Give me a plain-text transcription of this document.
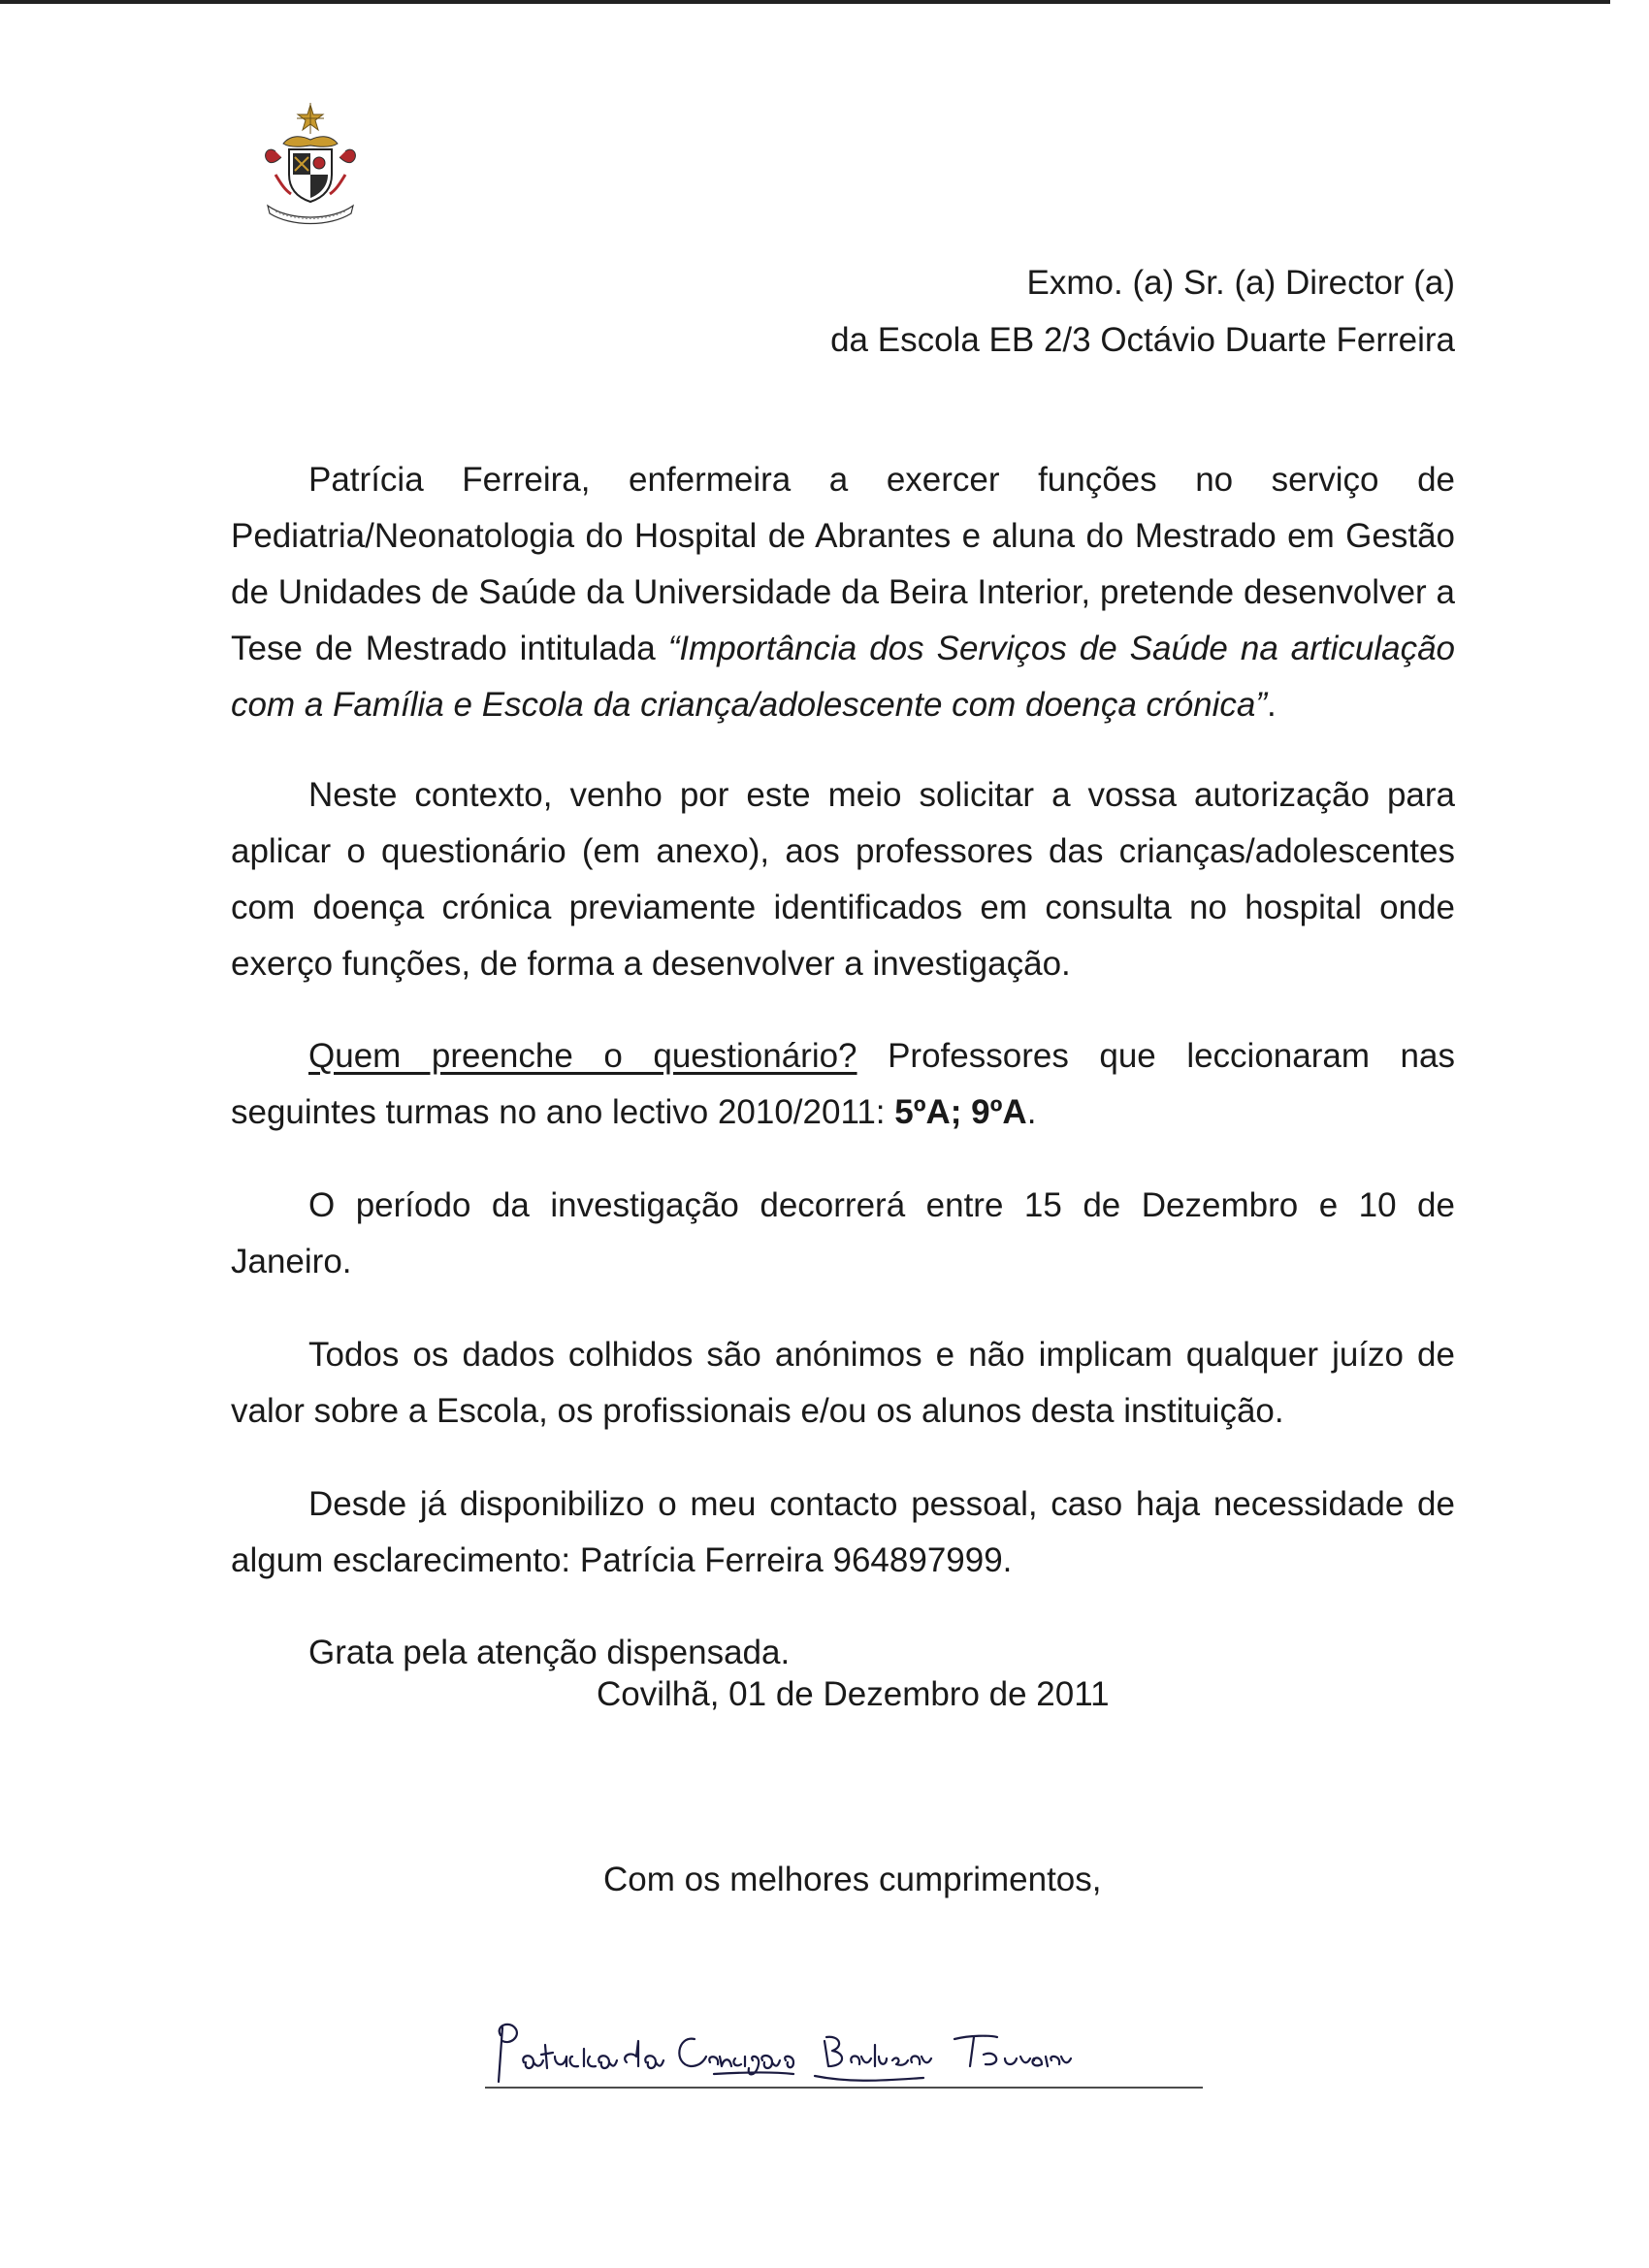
Exmo. (a) Sr. (a) Director (a)
da Escola EB 2/3 Octávio Duarte Ferreira

Patrícia Ferreira, enfermeira a exercer funções no serviço de Pediatria/Neonatologia do Hospital de Abrantes e aluna do Mestrado em Gestão de Unidades de Saúde da Universidade da Beira Interior, pretende desenvolver a Tese de Mestrado intitulada “Importância dos Serviços de Saúde na articulação com a Família e Escola da criança/adolescente com doença crónica”.

Neste contexto, venho por este meio solicitar a vossa autorização para aplicar o questionário (em anexo), aos professores das crianças/adolescentes com doença crónica previamente identificados em consulta no hospital onde exerço funções, de forma a desenvolver a investigação.

Quem preenche o questionário? Professores que leccionaram nas seguintes turmas no ano lectivo 2010/2011: 5ºA; 9ºA.

O período da investigação decorrerá entre 15 de Dezembro e 10 de Janeiro.

Todos os dados colhidos são anónimos e não implicam qualquer juízo de valor sobre a Escola, os profissionais e/ou os alunos desta instituição.

Desde já disponibilizo o meu contacto pessoal, caso haja necessidade de algum esclarecimento: Patrícia Ferreira 964897999.

Grata pela atenção dispensada.

Covilhã, 01 de Dezembro de 2011
Com os melhores cumprimentos,
